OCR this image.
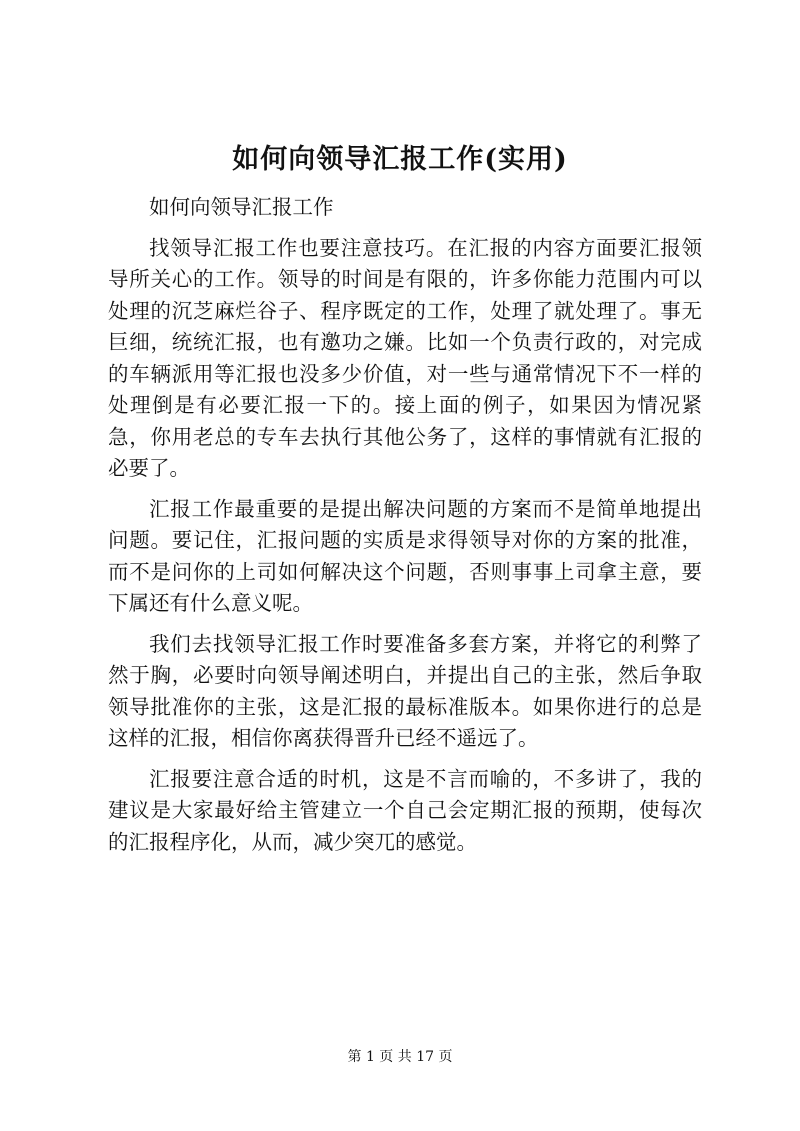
如何向领导汇报工作(实用)

如何向领导汇报工作

找领导汇报工作也要注意技巧。在汇报的内容方面要汇报领导所关心的工作。领导的时间是有限的，许多你能力范围内可以处理的沉芝麻烂谷子、程序既定的工作，处理了就处理了。事无巨细，统统汇报，也有邀功之嫌。比如一个负责行政的，对完成的车辆派用等汇报也没多少价值，对一些与通常情况下不一样的处理倒是有必要汇报一下的。接上面的例子，如果因为情况紧急，你用老总的专车去执行其他公务了，这样的事情就有汇报的必要了。

汇报工作最重要的是提出解决问题的方案而不是简单地提出问题。要记住，汇报问题的实质是求得领导对你的方案的批准，而不是问你的上司如何解决这个问题，否则事事上司拿主意，要下属还有什么意义呢。

我们去找领导汇报工作时要准备多套方案，并将它的利弊了然于胸，必要时向领导阐述明白，并提出自己的主张，然后争取领导批准你的主张，这是汇报的最标准版本。如果你进行的总是这样的汇报，相信你离获得晋升已经不遥远了。

汇报要注意合适的时机，这是不言而喻的，不多讲了，我的建议是大家最好给主管建立一个自己会定期汇报的预期，使每次的汇报程序化，从而，减少突兀的感觉。

第 1 页 共 17 页
